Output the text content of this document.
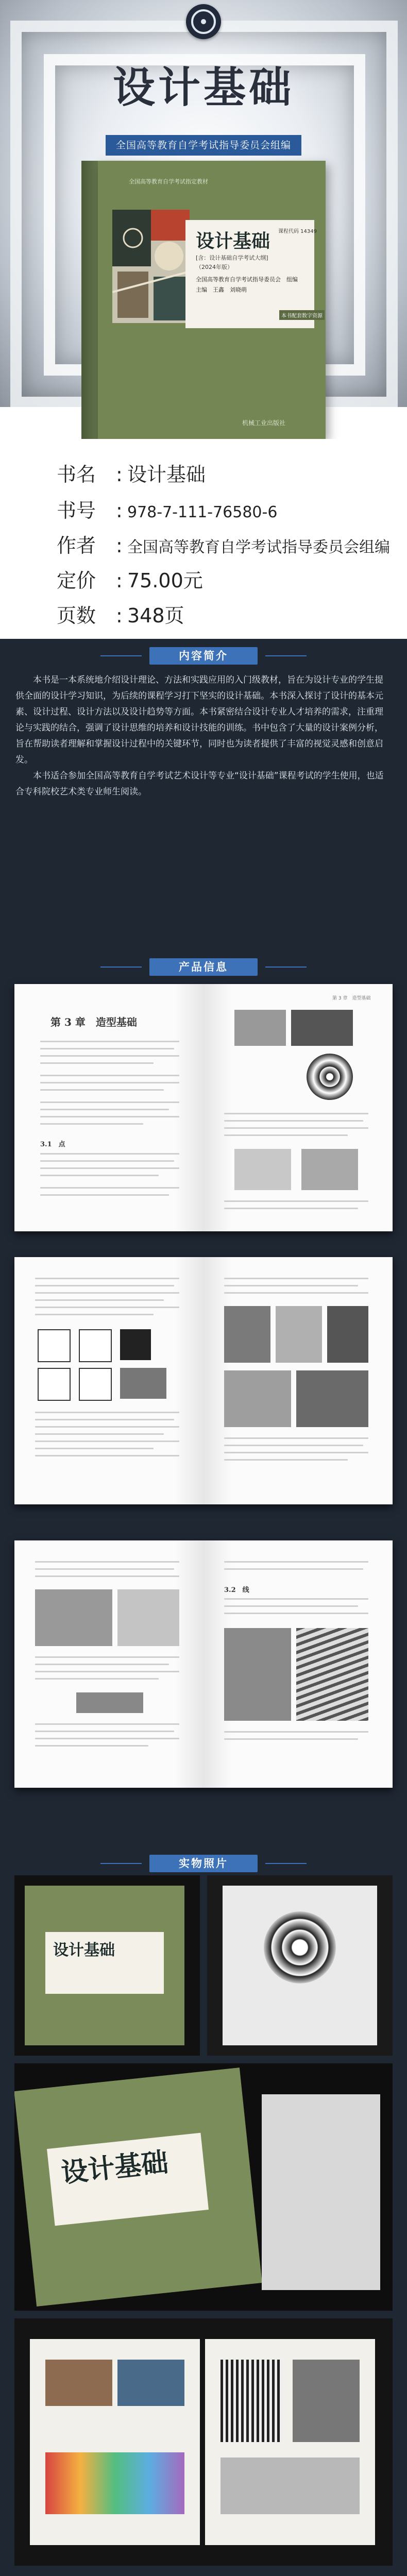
设计基础
全国高等教育自学考试指导委员会组编
全国高等教育自学考试指定教材
设计基础 课程代码 14349
[含：设计基础自学考试大纲]
（2024年版）
全国高等教育自学考试指导委员会　组编
主编　王鑫　刘晓萌
本书配套数字资源
机械工业出版社
书名	: 设计基础
书号	: 978-7-111-76580-6
作者	: 全国高等教育自学考试指导委员会组编
定价	: 75.00元
页数	: 348页
内容简介

本书是一本系统地介绍设计理论、方法和实践应用的入门级教材，旨在为设计专业的学生提供全面的设计学习知识，为后续的课程学习打下坚实的设计基础。本书深入探讨了设计的基本元素、设计过程、设计方法以及设计趋势等方面。本书紧密结合设计专业人才培养的需求，注重理论与实践的结合，强调了设计思维的培养和设计技能的训练。书中包含了大量的设计案例分析，旨在帮助读者理解和掌握设计过程中的关键环节，同时也为读者提供了丰富的视觉灵感和创意启发。

本书适合参加全国高等教育自学考试艺术设计等专业“设计基础”课程考试的学生使用，也适合专科院校艺术类专业师生阅读。

产品信息
第 3 章　造型基础
3.1　点
第 3 章　造型基础
3.2　线
实物照片
设计基础
设计基础
